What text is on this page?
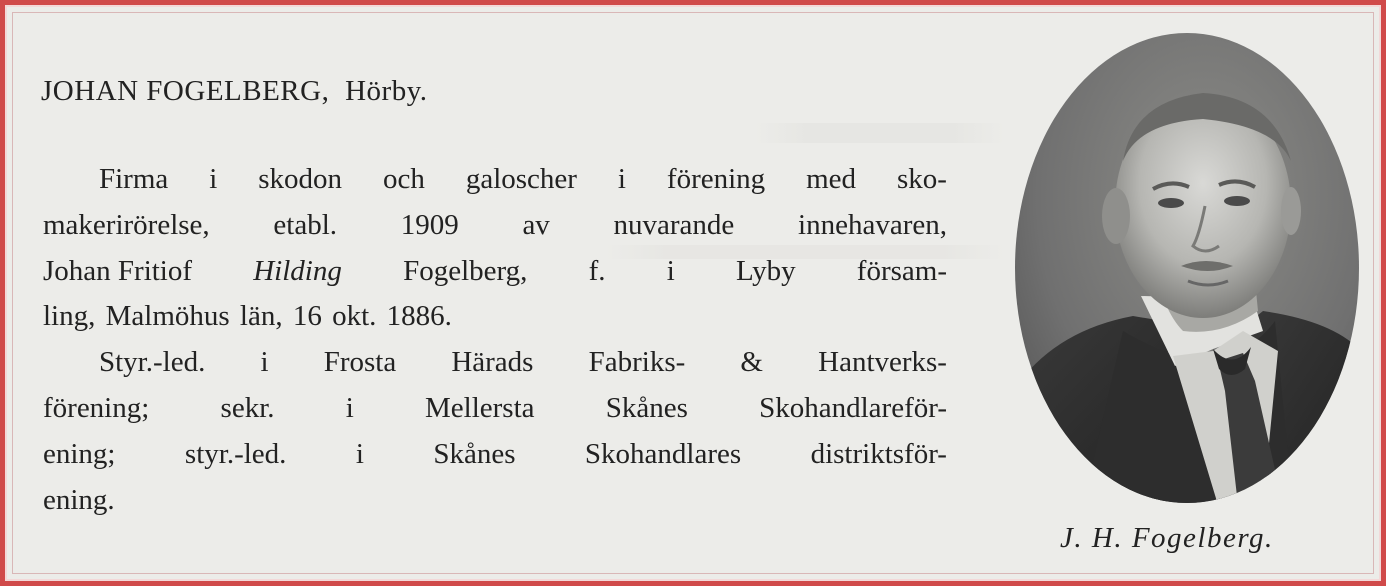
JOHAN FOGELBERG, Hörby.
Firma i skodon och galoscher i förening med sko-
makerirörelse, etabl. 1909 av nuvarande innehavaren,
Johan Fritiof Hilding Fogelberg, f. i Lyby försam-
ling, Malmöhus län, 16 okt. 1886.
Styr.-led. i Frosta Härads Fabriks- & Hantverks-
förening; sekr. i Mellersta Skånes Skohandlareför-
ening; styr.-led. i Skånes Skohandlares distriktsför-
ening.
J. H. Fogelberg.
